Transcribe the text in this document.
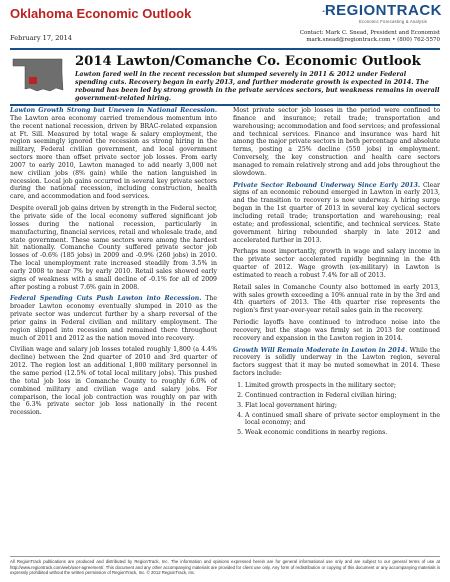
Oklahoma Economic Outlook
February 17, 2014
REGIONTRACK
Economic Forecasting & Analysis
Contact: Mark C. Snead, President and Economist
mark.snead@regiontrack.com • (800) 762-5570
2014 Lawton/Comanche Co. Economic Outlook
Lawton fared well in the recent recession but slumped severely in 2011 & 2012 under Federal spending cuts. Recovery began in early 2013, and further moderate growth is expected in 2014. The rebound has been led by strong growth in the private services sectors, but weakness remains in overall government-related hiring.

Lawton Growth Strong but Uneven in National Recession. The Lawton area economy carried tremendous momentum into the recent national recession, driven by BRAC-related expansion at Ft. Sill. Measured by total wage & salary employment, the region seemingly ignored the recession as strong hiring in the military, Federal civilian government, and local government sectors more than offset private sector job losses. From early 2007 to early 2010, Lawton managed to add nearly 3,000 net new civilian jobs (8% gain) while the nation languished in recession. Local job gains occurred in several key private sectors during the national recession, including construction, health care, and accommodation and food services.

Despite overall job gains driven by strength in the Federal sector, the private side of the local economy suffered significant job losses during the national recession, particularly in manufacturing, financial services, retail and wholesale trade, and state government. These same sectors were among the hardest hit nationally. Comanche County suffered private sector job losses of -0.6% (185 jobs) in 2009 and -0.9% (260 jobs) in 2010. The local unemployment rate increased steadily from 3.5% in early 2008 to near 7% by early 2010. Retail sales showed early signs of weakness with a small decline of -0.1% for all of 2009 after posting a robust 7.6% gain in 2008.

Federal Spending Cuts Push Lawton into Recession. The broader Lawton economy eventually slumped in 2010 as the private sector was undercut further by a sharp reversal of the prior gains in Federal civilian and military employment. The region slipped into recession and remained there throughout much of 2011 and 2012 as the nation moved into recovery.

Civilian wage and salary job losses totaled roughly 1,800 (a 4.4% decline) between the 2nd quarter of 2010 and 3rd quarter of 2012. The region lost an additional 1,800 military personnel in the same period (12.5% of total local military jobs). This pushed the total job loss in Comanche County to roughly 6.0% of combined military and civilian wage and salary jobs. For comparison, the local job contraction was roughly on par with the 6.3% private sector job loss nationally in the recent recession.

Most private sector job losses in the period were confined to finance and insurance; retail trade; transportation and warehousing; accommodation and food services; and professional and technical services. Finance and insurance was hard hit among the major private sectors in both percentage and absolute terms, posting a 25% decline (550 jobs) in employment. Conversely, the key construction and health care sectors managed to remain relatively strong and add jobs throughout the slowdown.

Private Sector Rebound Underway Since Early 2013. Clear signs of an economic rebound emerged in Lawton in early 2013, and the transition to recovery is now underway. A hiring surge began in the 1st quarter of 2013 in several key cyclical sectors including retail trade; transportation and warehousing; real estate; and professional, scientific, and technical services. State government hiring rebounded sharply in late 2012 and accelerated further in 2013.

Perhaps most importantly, growth in wage and salary income in the private sector accelerated rapidly beginning in the 4th quarter of 2012. Wage growth (ex-military) in Lawton is estimated to reach a robust 7.4% for all of 2013.

Retail sales in Comanche County also bottomed in early 2013, with sales growth exceeding a 10% annual rate in by the 3rd and 4th quarters of 2013. The 4th quarter rise represents the region's first year-over-year retail sales gain in the recovery.

Periodic layoffs have continued to introduce noise into the recovery, but the stage was firmly set in 2013 for continued recovery and expansion in the Lawton region in 2014.

Growth Will Remain Moderate in Lawton in 2014. While the recovery is solidly underway in the Lawton region, several factors suggest that it may be muted somewhat in 2014. These factors include:

1. Limited growth prospects in the military sector;
2. Continued contraction in Federal civilian hiring;
3. Flat local government hiring;
4. A continued small share of private sector employment in the local economy; and
5. Weak economic conditions in nearby regions.
All RegionTrack publications are produced and distributed by RegionTrack, Inc. The information and opinions expressed herein are for general informational use only and are subject to our general terms of use at http://www.regiontrack.com/web/user-agreement/. This document and any other accompanying materials are provided for client use only. Any form of redistribution or copying of this document or any accompanying materials is expressly prohibited without the written permission of RegionTrack, Inc. © 2012 RegionTrack, Inc.
